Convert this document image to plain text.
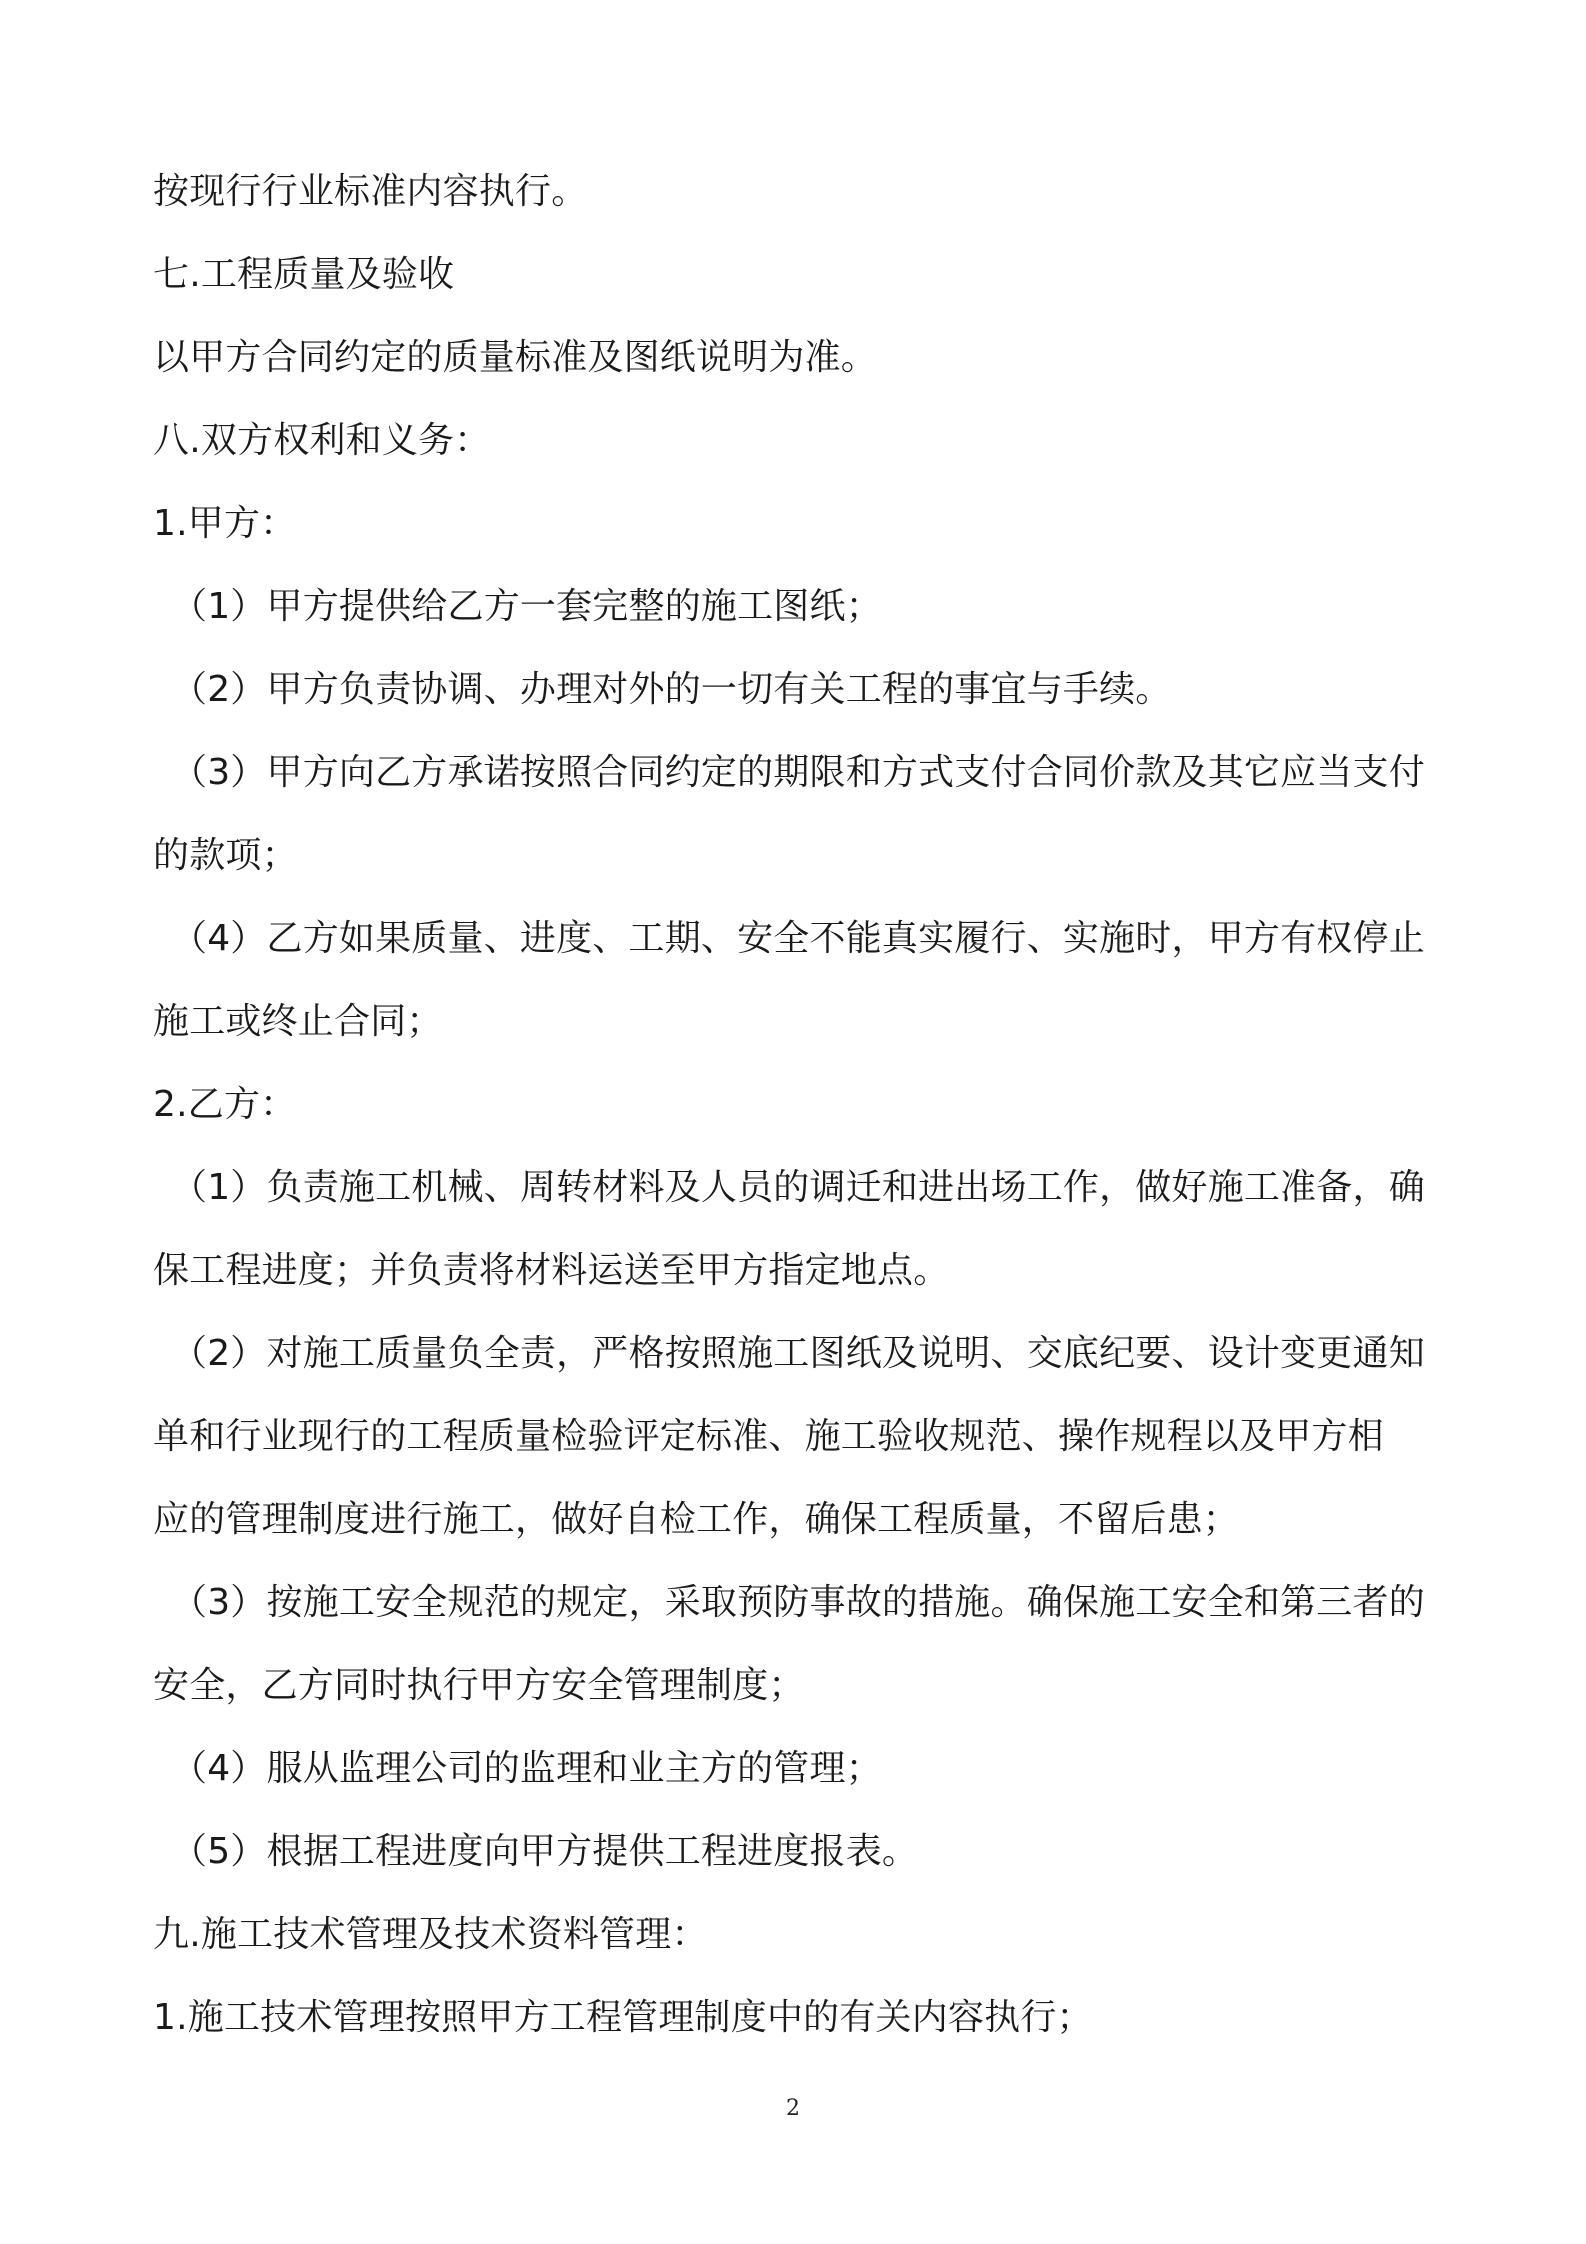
按现行行业标准内容执行。
七.工程质量及验收
以甲方合同约定的质量标准及图纸说明为准。
八.双方权利和义务：
1.甲方：
（1）甲方提供给乙方一套完整的施工图纸；
（2）甲方负责协调、办理对外的一切有关工程的事宜与手续。
（3）甲方向乙方承诺按照合同约定的期限和方式支付合同价款及其它应当支付
的款项；
（4）乙方如果质量、进度、工期、安全不能真实履行、实施时，甲方有权停止
施工或终止合同；
2.乙方：
（1）负责施工机械、周转材料及人员的调迁和进出场工作，做好施工准备，确
保工程进度；并负责将材料运送至甲方指定地点。
（2）对施工质量负全责，严格按照施工图纸及说明、交底纪要、设计变更通知
单和行业现行的工程质量检验评定标准、施工验收规范、操作规程以及甲方相
应的管理制度进行施工，做好自检工作，确保工程质量，不留后患；
（3）按施工安全规范的规定，采取预防事故的措施。确保施工安全和第三者的
安全，乙方同时执行甲方安全管理制度；
（4）服从监理公司的监理和业主方的管理；
（5）根据工程进度向甲方提供工程进度报表。
九.施工技术管理及技术资料管理：
1.施工技术管理按照甲方工程管理制度中的有关内容执行；
2
